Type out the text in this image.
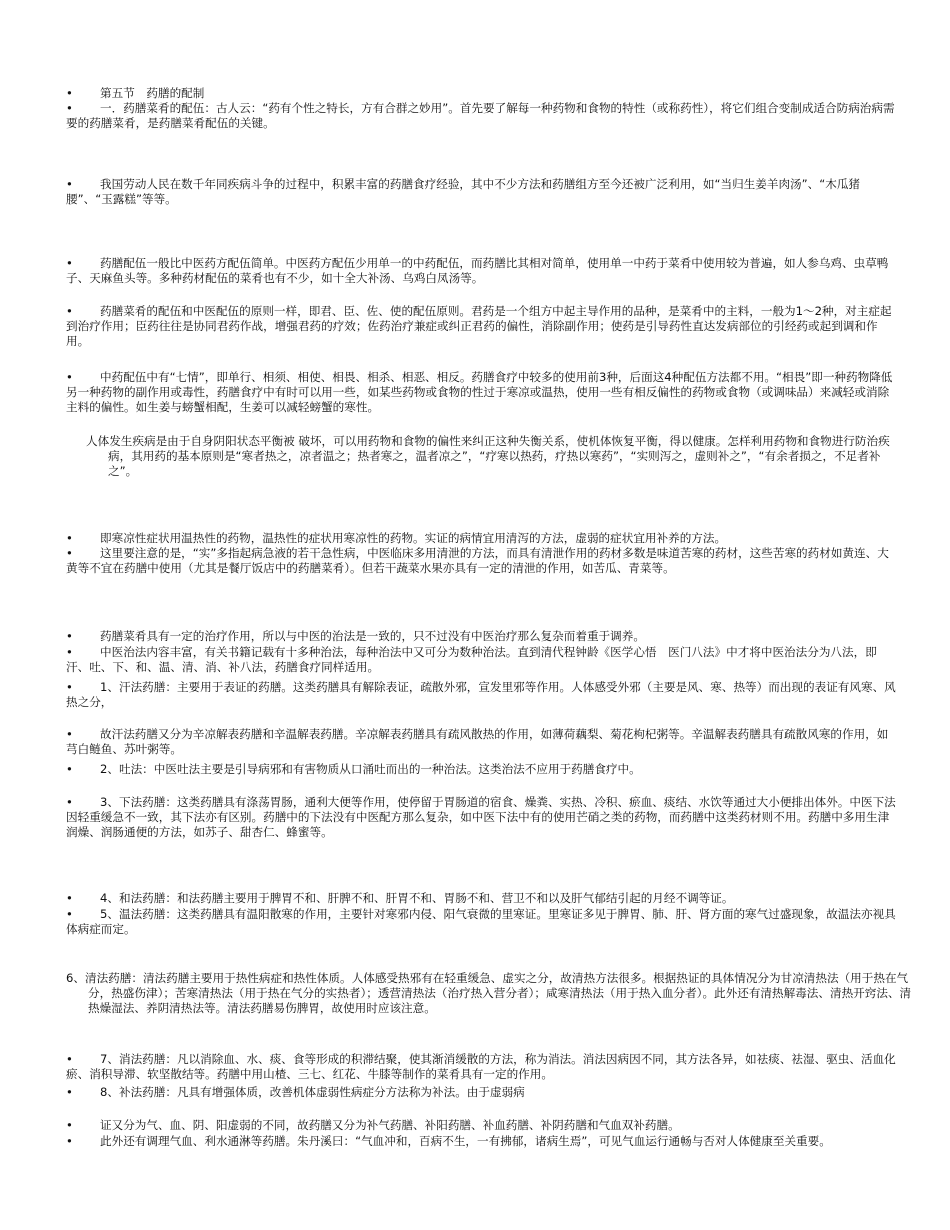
• 第五节　药膳的配制

• 一．药膳菜肴的配伍：古人云：“药有个性之特长，方有合群之妙用”。首先要了解每一种药物和食物的特性（或称药性），将它们组合变制成适合防病治病需要的药膳菜肴，是药膳菜肴配伍的关键。

• 我国劳动人民在数千年同疾病斗争的过程中，积累丰富的药膳食疗经验，其中不少方法和药膳组方至今还被广泛利用，如“当归生姜羊肉汤”、“木瓜猪腰”、“玉露糕”等等。

• 药膳配伍一般比中医药方配伍简单。中医药方配伍少用单一的中药配伍，而药膳比其相对简单，使用单一中药于菜肴中使用较为普遍，如人参乌鸡、虫草鸭子、天麻鱼头等。多种药材配伍的菜肴也有不少，如十全大补汤、乌鸡白凤汤等。

• 药膳菜肴的配伍和中医配伍的原则一样，即君、臣、佐、使的配伍原则。君药是一个组方中起主导作用的品种，是菜肴中的主料，一般为1～2种，对主症起到治疗作用；臣药往往是协同君药作战，增强君药的疗效；佐药治疗兼症或纠正君药的偏性，消除副作用；使药是引导药性直达发病部位的引经药或起到调和作用。

• 中药配伍中有“七情”，即单行、相须、相使、相畏、相杀、相恶、相反。药膳食疗中较多的使用前3种，后面这4种配伍方法都不用。“相畏”即一种药物降低另一种药物的副作用或毒性，药膳食疗中有时可以用一些，如某些药物或食物的性过于寒凉或温热，使用一些有相反偏性的药物或食物（或调味品）来减轻或消除主料的偏性。如生姜与螃蟹相配，生姜可以减轻螃蟹的寒性。

人体发生疾病是由于自身阴阳状态平衡被 破坏，可以用药物和食物的偏性来纠正这种失衡关系，使机体恢复平衡，得以健康。怎样利用药物和食物进行防治疾病，其用药的基本原则是“寒者热之，凉者温之；热者寒之，温者凉之”，“疗寒以热药，疗热以寒药”，“实则泻之，虚则补之”，“有余者损之，不足者补之”。

• 即寒凉性症状用温热性的药物，温热性的症状用寒凉性的药物。实证的病情宜用清泻的方法，虚弱的症状宜用补养的方法。

• 这里要注意的是，“实”多指起病急液的若干急性病，中医临床多用清泄的方法，而具有清泄作用的药材多数是味道苦寒的药材，这些苦寒的药材如黄连、大黄等不宜在药膳中使用（尤其是餐厅饭店中的药膳菜肴）。但若干蔬菜水果亦具有一定的清泄的作用，如苦瓜、青菜等。

• 药膳菜肴具有一定的治疗作用，所以与中医的治法是一致的，只不过没有中医治疗那么复杂而着重于调养。

• 中医治法内容丰富，有关书籍记载有十多种治法，每种治法中又可分为数种治法。直到清代程钟龄《医学心悟　医门八法》中才将中医治法分为八法，即汗、吐、下、和、温、清、消、补八法，药膳食疗同样适用。

• 1、汗法药膳：主要用于表证的药膳。这类药膳具有解除表证，疏散外邪，宣发里邪等作用。人体感受外邪（主要是风、寒、热等）而出现的表证有风寒、风热之分，

• 故汗法药膳又分为辛凉解表药膳和辛温解表药膳。辛凉解表药膳具有疏风散热的作用，如薄荷藕梨、菊花枸杞粥等。辛温解表药膳具有疏散风寒的作用，如芎白鲢鱼、苏叶粥等。

• 2、吐法：中医吐法主要是引导病邪和有害物质从口涌吐而出的一种治法。这类治法不应用于药膳食疗中。

• 3、下法药膳：这类药膳具有涤荡胃肠，通利大便等作用，使停留于胃肠道的宿食、燥粪、实热、冷积、瘀血、痰结、水饮等通过大小便排出体外。中医下法因轻重缓急不一致，其下法亦有区别。药膳中的下法没有中医配方那么复杂，如中医下法中有的使用芒硝之类的药物，而药膳中这类药材则不用。药膳中多用生津润燥、润肠通便的方法，如苏子、甜杏仁、蜂蜜等。

• 4、和法药膳：和法药膳主要用于脾胃不和、肝脾不和、肝胃不和、胃肠不和、营卫不和以及肝气郁结引起的月经不调等证。

• 5、温法药膳：这类药膳具有温阳散寒的作用，主要针对寒邪内侵、阳气衰微的里寒证。里寒证多见于脾胃、肺、肝、肾方面的寒气过盛现象，故温法亦视具体病症而定。

6、清法药膳：清法药膳主要用于热性病症和热性体质。人体感受热邪有在轻重缓急、虚实之分，故清热方法很多。根据热证的具体情况分为甘凉清热法（用于热在气分，热盛伤津）；苦寒清热法（用于热在气分的实热者）；透营清热法（治疗热入营分者）；咸寒清热法（用于热入血分者）。此外还有清热解毒法、清热开窍法、清热燥湿法、养阴清热法等。清法药膳易伤脾胃，故使用时应该注意。

• 7、消法药膳：凡以消除血、水、痰、食等形成的积滞结聚，使其渐消缓散的方法，称为消法。消法因病因不同，其方法各异，如祛痰、祛湿、驱虫、活血化瘀、消积导滞、软坚散结等。药膳中用山楂、三七、红花、牛膝等制作的菜肴具有一定的作用。

• 8、补法药膳：凡具有增强体质，改善机体虚弱性病症分方法称为补法。由于虚弱病

• 证又分为气、血、阴、阳虚弱的不同，故药膳又分为补气药膳、补阳药膳、补血药膳、补阴药膳和气血双补药膳。

• 此外还有调理气血、利水通淋等药膳。朱丹溪曰：“气血冲和，百病不生，一有拂郁，诸病生焉”，可见气血运行通畅与否对人体健康至关重要。
